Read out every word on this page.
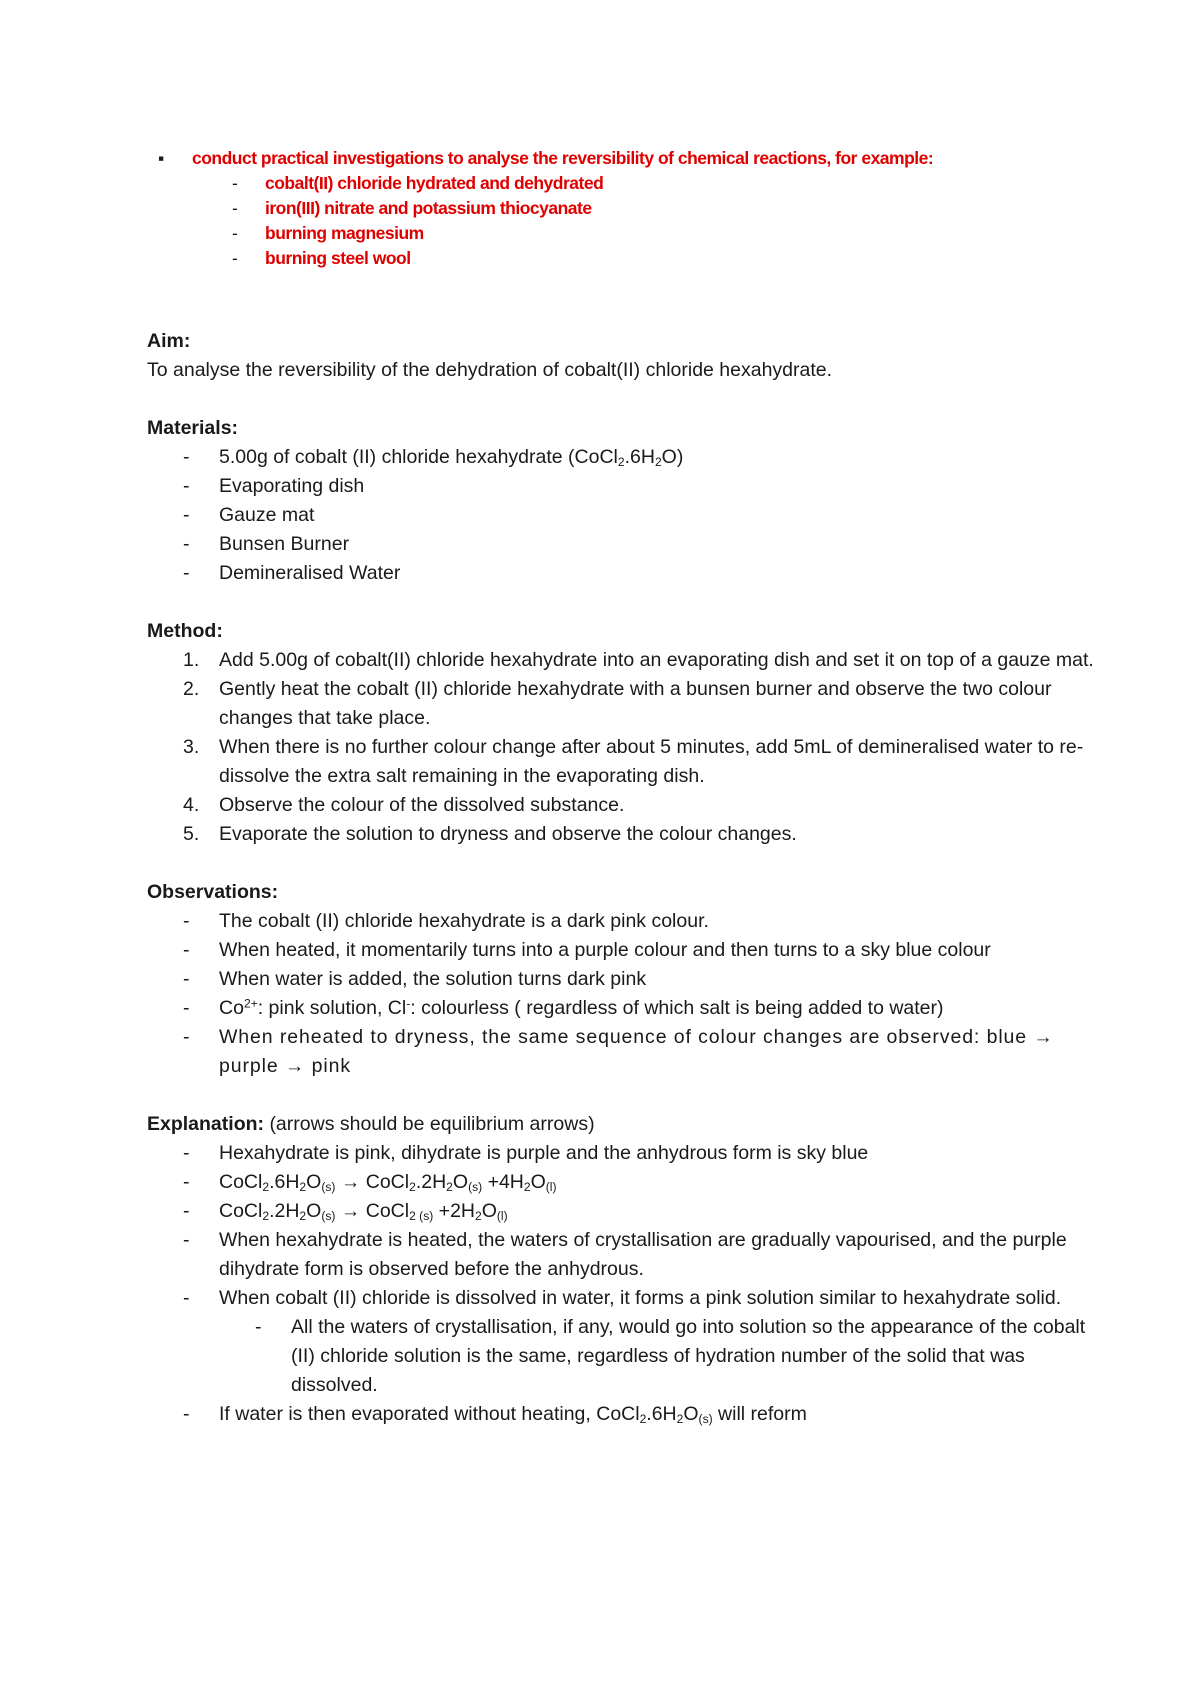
▪ conduct practical investigations to analyse the reversibility of chemical reactions, for example:
- cobalt(II) chloride hydrated and dehydrated
- iron(III) nitrate and potassium thiocyanate
- burning magnesium
- burning steel wool
Aim:
To analyse the reversibility of the dehydration of cobalt(II) chloride hexahydrate.
Materials:
- 5.00g of cobalt (II) chloride hexahydrate $(CoCl_2.6H_2O)$
- Evaporating dish
- Gauze mat
- Bunsen Burner
- Demineralised Water
Method:
1. Add 5.00g of cobalt(II) chloride hexahydrate into an evaporating dish and set it on top of a gauze mat.
2. Gently heat the cobalt (II) chloride hexahydrate with a bunsen burner and observe the two colour changes that take place.
3. When there is no further colour change after about 5 minutes, add 5mL of demineralised water to re-dissolve the extra salt remaining in the evaporating dish.
4. Observe the colour of the dissolved substance.
5. Evaporate the solution to dryness and observe the colour changes.
Observations:
- The cobalt (II) chloride hexahydrate is a dark pink colour.
- When heated, it momentarily turns into a purple colour and then turns to a sky blue colour
- When water is added, the solution turns dark pink
- $Co^{2+}$: pink solution, Cl-: colourless ( regardless of which salt is being added to water)
- When reheated to dryness, the same sequence of colour changes are observed: blue → purple → pink
Explanation: (arrows should be equilibrium arrows)
- Hexahydrate is pink, dihydrate is purple and the anhydrous form is sky blue
- $CoCl_2.6H_2O_{(s)}$ → $CoCl_2.2H_2O_{(s)} +4H_2O_{(l)}$
- $CoCl_2.2H_2O_{(s)}$ → CoCl$_{2 (s)}$ $+2H_2O_{(l)}$
- When hexahydrate is heated, the waters of crystallisation are gradually vapourised, and the purple dihydrate form is observed before the anhydrous.
- When cobalt (II) chloride is dissolved in water, it forms a pink solution similar to hexahydrate solid.
- All the waters of crystallisation, if any, would go into solution so the appearance of the cobalt (II) chloride solution is the same, regardless of hydration number of the solid that was dissolved.
- If water is then evaporated without heating, $CoCl_2.6H_2O_{(s)}$ will reform
